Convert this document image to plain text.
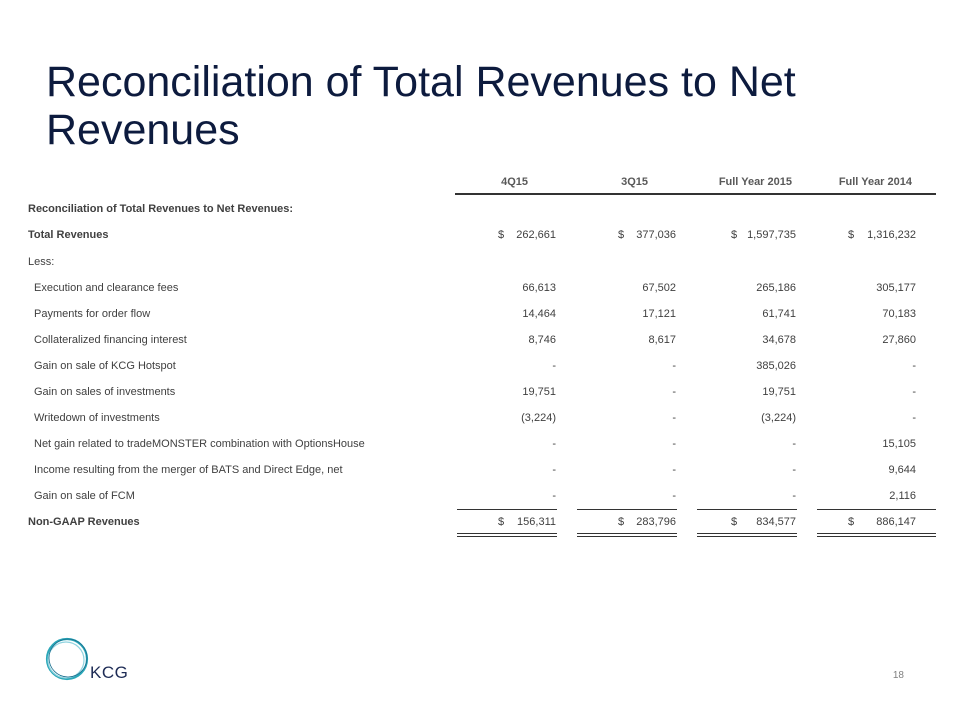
Reconciliation of Total Revenues to Net Revenues
4Q15	3Q15	Full Year 2015	Full Year 2014
Reconciliation of Total Revenues to Net Revenues:
Total Revenues	$	262,661	$	377,036	$ 1,597,735	$	1,316,232
Less:
Execution and clearance fees	66,613	67,502	265,186	305,177
Payments for order flow	14,464	17,121	61,741	70,183
Collateralized financing interest	8,746	8,617	34,678	27,860
Gain on sale of KCG Hotspot	-	-	385,026	-
Gain on sales of investments	19,751	-	19,751	-
Writedown of investments	(3,224)	-	(3,224)	-
Net gain related to tradeMONSTER combination with OptionsHouse	-	-	-	15,105
Income resulting from the merger of BATS and Direct Edge, net	-	-	-	9,644
Gain on sale of FCM	-	-	-	2,116
Non-GAAP Revenues	$	156,311	$	283,796	$	834,577	$	886,147
KCG	18
